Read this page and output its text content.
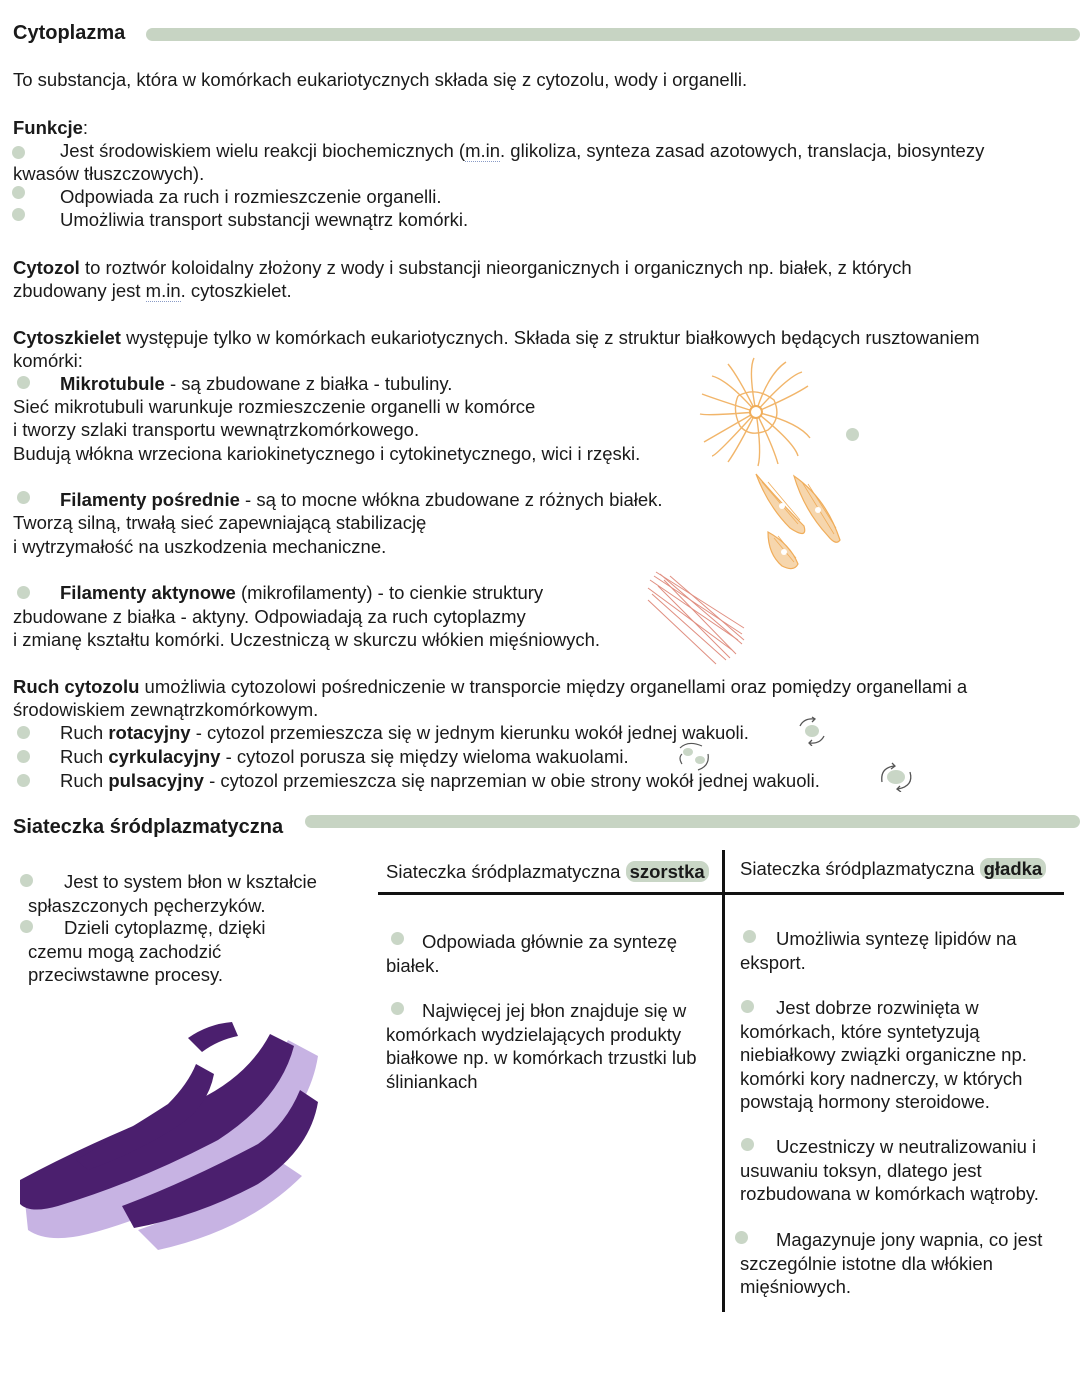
Cytoplazma
To substancja, która w komórkach eukariotycznych składa się z cytozolu, wody i organelli.
Funkcje:
Jest środowiskiem wielu reakcji biochemicznych (m.in. glikoliza, synteza zasad azotowych, translacja, biosyntezy
kwasów tłuszczowych).
Odpowiada za ruch i rozmieszczenie organelli.
Umożliwia transport substancji wewnątrz komórki.
Cytozol to roztwór koloidalny złożony z wody i substancji nieorganicznych i organicznych np. białek, z których
zbudowany jest m.in. cytoszkielet.
Cytoszkielet występuje tylko w komórkach eukariotycznych. Składa się z struktur białkowych będących rusztowaniem
komórki:
Mikrotubule - są zbudowane z białka - tubuliny.
Sieć mikrotubuli warunkuje rozmieszczenie organelli w komórce
i tworzy szlaki transportu wewnątrzkomórkowego.
Budują włókna wrzeciona kariokinetycznego i cytokinetycznego, wici i rzęski.
Filamenty pośrednie - są to mocne włókna zbudowane z różnych białek.
Tworzą silną, trwałą sieć zapewniającą stabilizację
i wytrzymałość na uszkodzenia mechaniczne.
Filamenty aktynowe (mikrofilamenty) - to cienkie struktury
zbudowane z białka - aktyny. Odpowiadają za ruch cytoplazmy
i zmianę kształtu komórki. Uczestniczą w skurczu włókien mięśniowych.
Ruch cytozolu umożliwia cytozolowi pośredniczenie w transporcie między organellami oraz pomiędzy organellami a
środowiskiem zewnątrzkomórkowym.
Ruch rotacyjny - cytozol przemieszcza się w jednym kierunku wokół jednej wakuoli.
Ruch cyrkulacyjny - cytozol porusza się między wieloma wakuolami.
Ruch pulsacyjny - cytozol przemieszcza się naprzemian w obie strony wokół jednej wakuoli.
Siateczka śródplazmatyczna
Jest to system błon w kształcie spłaszczonych pęcherzyków.
Dzieli cytoplazmę, dzięki czemu mogą zachodzić przeciwstawne procesy.
Siateczka śródplazmatyczna szorstka Siateczka śródplazmatyczna gładka
Odpowiada głównie za syntezę białek.
Najwięcej jej błon znajduje się w komórkach wydzielających produkty białkowe np. w komórkach trzustki lub śliniankach
Umożliwia syntezę lipidów na eksport.
Jest dobrze rozwinięta w komórkach, które syntetyzują niebiałkowy związki organiczne np. komórki kory nadnerczy, w których powstają hormony steroidowe.
Uczestniczy w neutralizowaniu i usuwaniu toksyn, dlatego jest rozbudowana w komórkach wątroby.
Magazynuje jony wapnia, co jest szczególnie istotne dla włókien mięśniowych.
